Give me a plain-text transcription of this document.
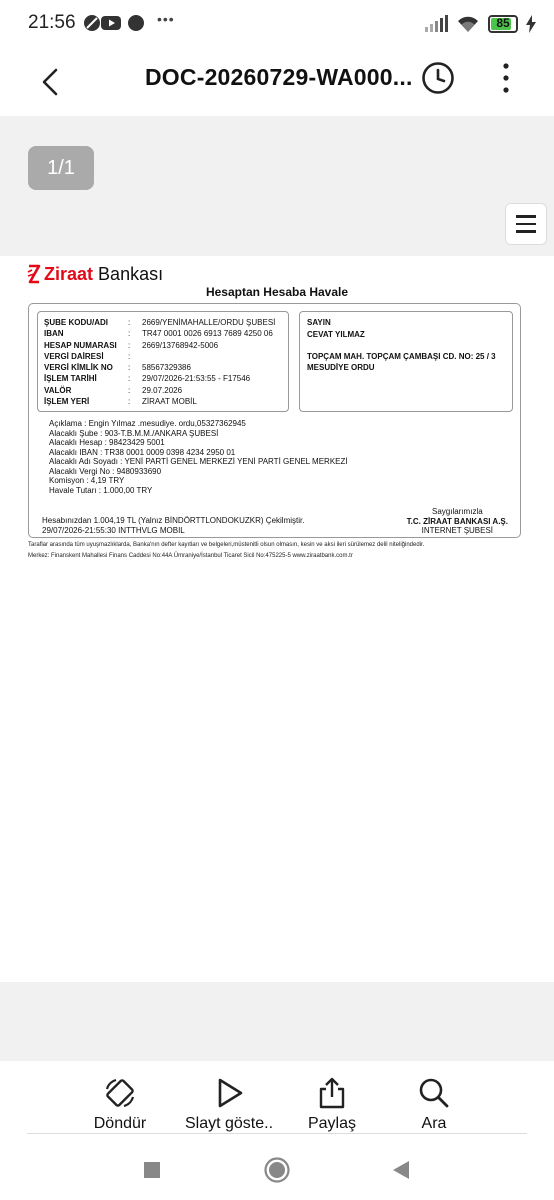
21:56	•••	85
DOC-20260729-WA000...
1/1
Ziraat Bankası
Hesaptan Hesaba Havale
ŞUBE KODU/ADI	:	2669/YENİMAHALLE/ORDU ŞUBESİ
IBAN	:	TR47 0001 0026 6913 7689 4250 06
HESAP NUMARASI	:	2669/13768942-5006
VERGİ DAİRESİ	:
VERGİ KİMLİK NO	:	58567329386
İŞLEM TARİHİ	:	29/07/2026-21:53:55 - F17546
VALÖR	:	29.07.2026
İŞLEM YERİ	:	ZİRAAT MOBİL
SAYIN
CEVAT YILMAZ
TOPÇAM MAH. TOPÇAM ÇAMBAŞI CD. NO: 25 / 3
MESUDİYE ORDU
Açıklama : Engin Yılmaz .mesudiye. ordu,05327362945
Alacaklı Şube : 903-T.B.M.M./ANKARA ŞUBESİ
Alacaklı Hesap : 98423429 5001
Alacaklı IBAN : TR38 0001 0009 0398 4234 2950 01
Alacaklı Adı Soyadı : YENİ PARTİ GENEL MERKEZİ YENİ PARTİ GENEL MERKEZİ
Alacaklı Vergi No : 9480933690
Komisyon : 4,19 TRY
Havale Tutarı : 1.000,00 TRY
Hesabınızdan 1.004,19 TL (Yalnız BİNDÖRTTLONDOKUZKR) Çekilmiştir.
29/07/2026-21:55:30 INTTHVLG MOBIL
Saygılarımızla
T.C. ZİRAAT BANKASI A.Ş.
INTERNET ŞUBESİ
Taraflar arasında tüm uyuşmazlıklarda, Banka'nın defter kayıtları ve belgeleri,müstenitli olsun olmasın, kesin ve aksi ileri sürülemez delil niteliğindedir.
Merkez: Finanskent Mahallesi Finans Caddesi No:44A Ümraniye/İstanbul Ticaret Sicil No:475225-5 www.ziraatbank.com.tr
Döndür Slayt göste.. Paylaş	Ara
